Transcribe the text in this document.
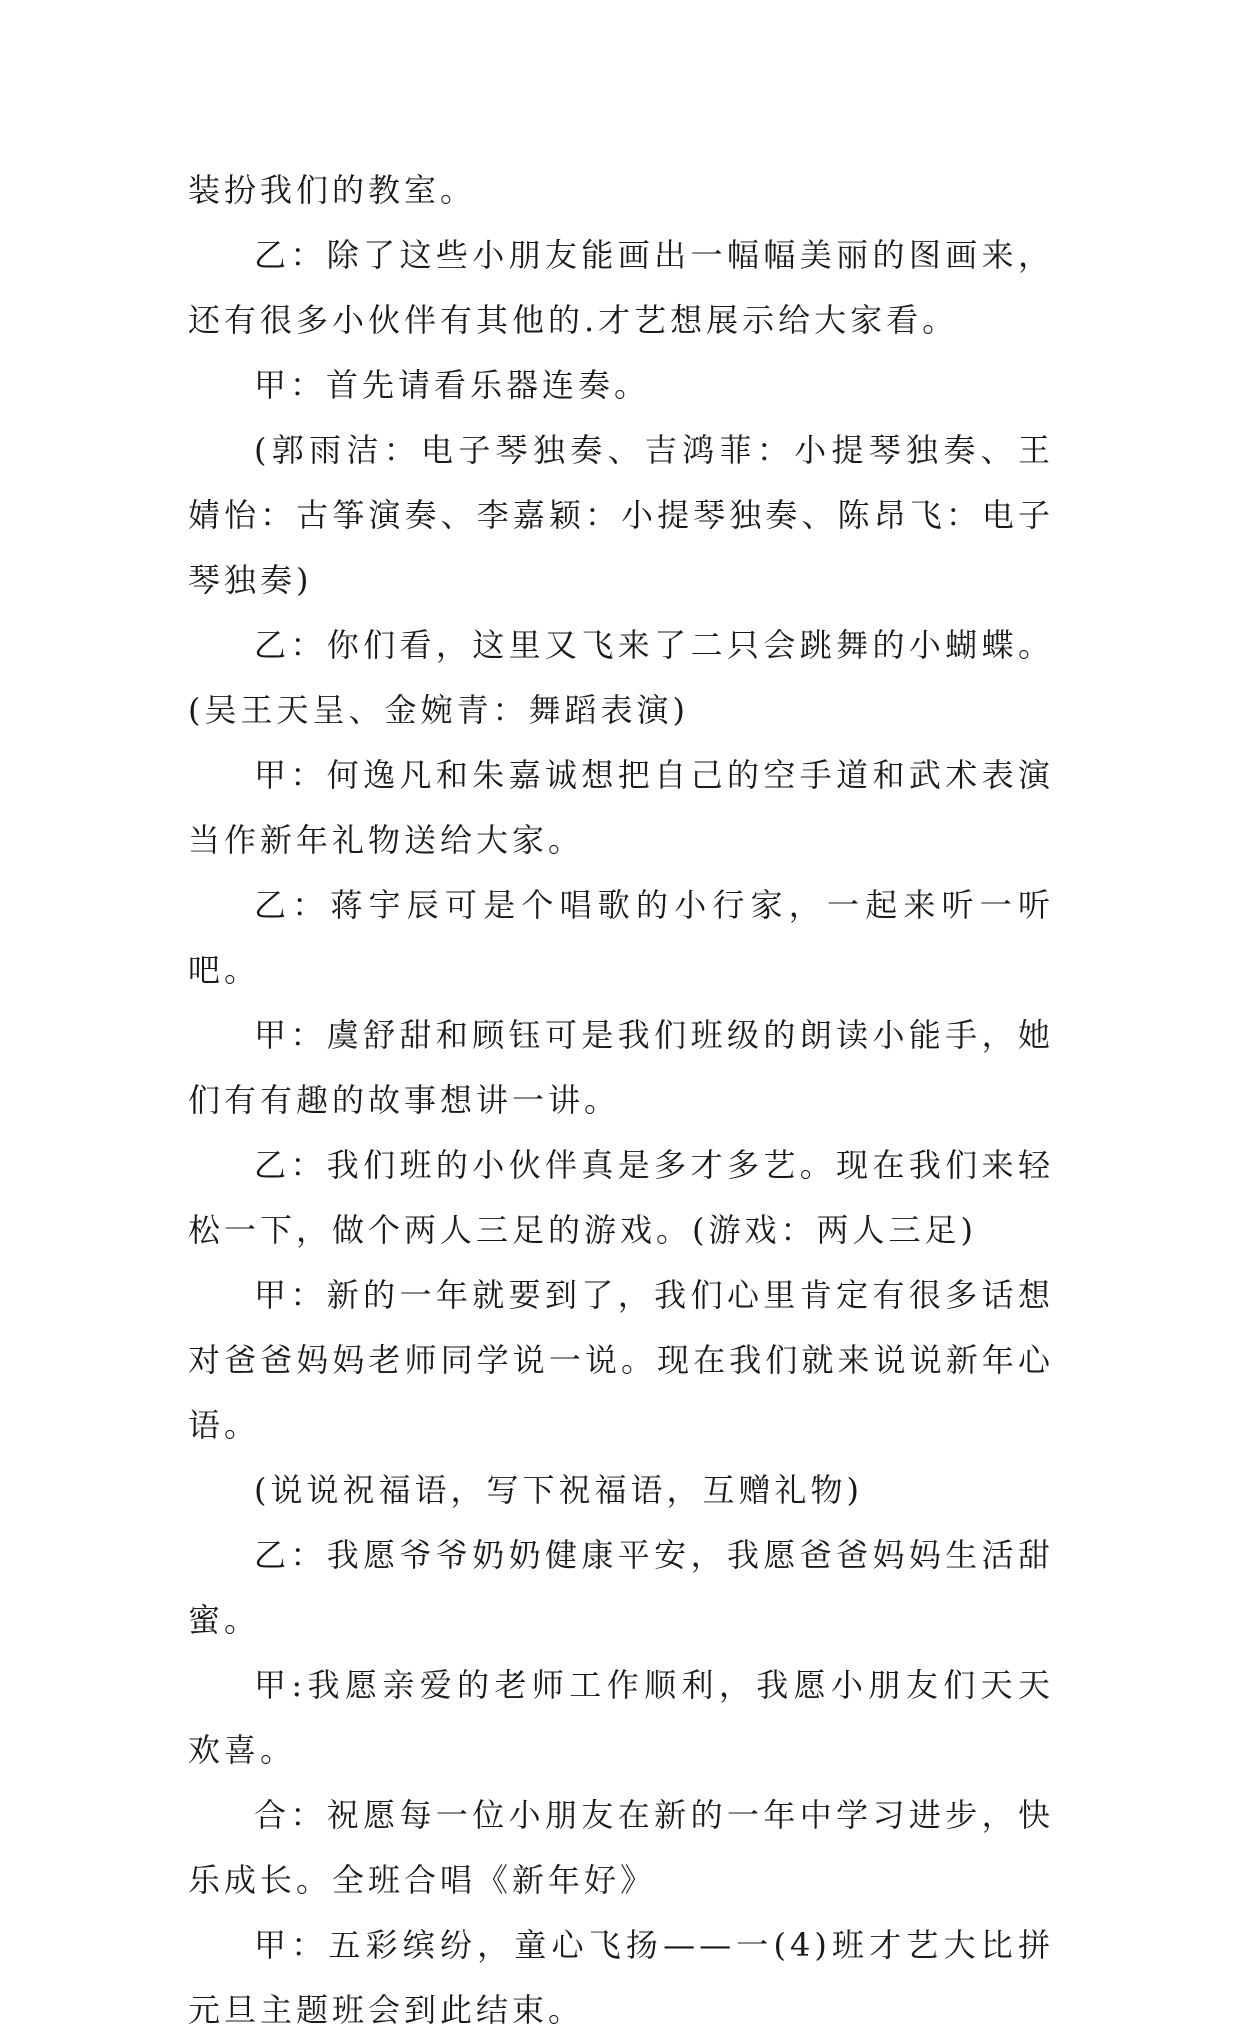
装扮我们的教室。

乙：除了这些小朋友能画出一幅幅美丽的图画来，还有很多小伙伴有其他的.才艺想展示给大家看。

甲：首先请看乐器连奏。

(郭雨洁：电子琴独奏、吉鸿菲：小提琴独奏、王婧怡：古筝演奏、李嘉颖：小提琴独奏、陈昂飞：电子琴独奏)

乙：你们看，这里又飞来了二只会跳舞的小蝴蝶。(吴王天呈、金婉青：舞蹈表演)

甲：何逸凡和朱嘉诚想把自己的空手道和武术表演当作新年礼物送给大家。

乙：蒋宇辰可是个唱歌的小行家，一起来听一听吧。

甲：虞舒甜和顾钰可是我们班级的朗读小能手，她们有有趣的故事想讲一讲。

乙：我们班的小伙伴真是多才多艺。现在我们来轻松一下，做个两人三足的游戏。(游戏：两人三足)

甲：新的一年就要到了，我们心里肯定有很多话想对爸爸妈妈老师同学说一说。现在我们就来说说新年心语。

(说说祝福语，写下祝福语，互赠礼物)

乙：我愿爷爷奶奶健康平安，我愿爸爸妈妈生活甜蜜。

甲:我愿亲爱的老师工作顺利，我愿小朋友们天天欢喜。

合：祝愿每一位小朋友在新的一年中学习进步，快乐成长。全班合唱《新年好》

甲：五彩缤纷，童心飞扬——一(4)班才艺大比拼元旦主题班会到此结束。
